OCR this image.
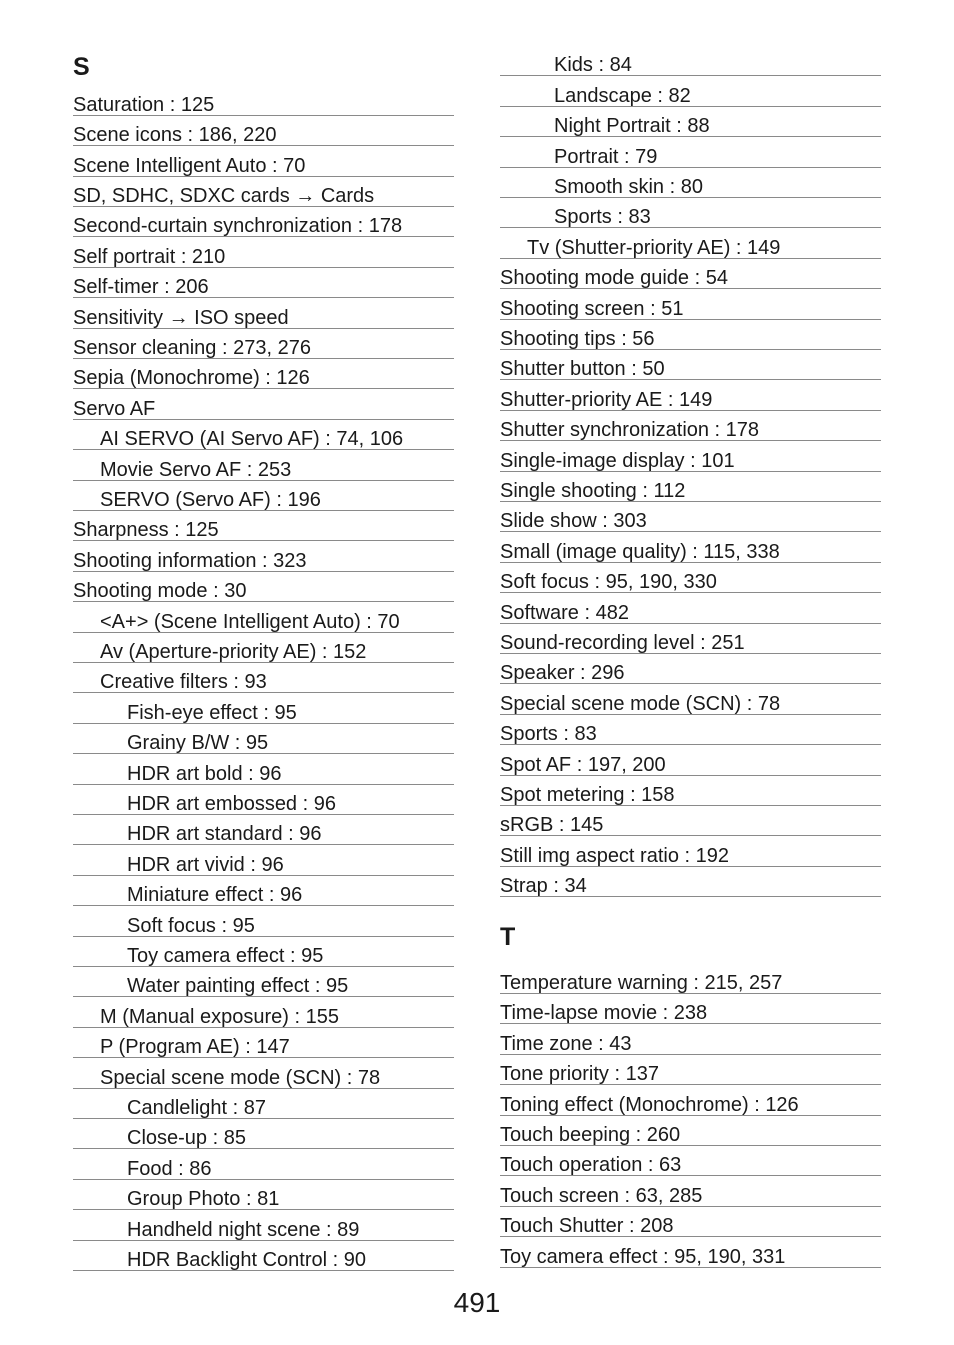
S
Saturation : 125
Scene icons : 186, 220
Scene Intelligent Auto : 70
SD, SDHC, SDXC cards → Cards
Second-curtain synchronization : 178
Self portrait : 210
Self-timer : 206
Sensitivity → ISO speed
Sensor cleaning : 273, 276
Sepia (Monochrome) : 126
Servo AF
AI SERVO (AI Servo AF) : 74, 106
Movie Servo AF : 253
SERVO (Servo AF) : 196
Sharpness : 125
Shooting information : 323
Shooting mode : 30
<A+> (Scene Intelligent Auto) : 70
Av (Aperture-priority AE) : 152
Creative filters : 93
Fish-eye effect : 95
Grainy B/W : 95
HDR art bold : 96
HDR art embossed : 96
HDR art standard : 96
HDR art vivid : 96
Miniature effect : 96
Soft focus : 95
Toy camera effect : 95
Water painting effect : 95
M (Manual exposure) : 155
P (Program AE) : 147
Special scene mode (SCN) : 78
Candlelight : 87
Close-up : 85
Food : 86
Group Photo : 81
Handheld night scene : 89
HDR Backlight Control : 90
Kids : 84
Landscape : 82
Night Portrait : 88
Portrait : 79
Smooth skin : 80
Sports : 83
Tv (Shutter-priority AE) : 149
Shooting mode guide : 54
Shooting screen : 51
Shooting tips : 56
Shutter button : 50
Shutter-priority AE : 149
Shutter synchronization : 178
Single-image display : 101
Single shooting : 112
Slide show : 303
Small (image quality) : 115, 338
Soft focus : 95, 190, 330
Software : 482
Sound-recording level : 251
Speaker : 296
Special scene mode (SCN) : 78
Sports : 83
Spot AF : 197, 200
Spot metering : 158
sRGB : 145
Still img aspect ratio : 192
Strap : 34
T
Temperature warning : 215, 257
Time-lapse movie : 238
Time zone : 43
Tone priority : 137
Toning effect (Monochrome) : 126
Touch beeping : 260
Touch operation : 63
Touch screen : 63, 285
Touch Shutter : 208
Toy camera effect : 95, 190, 331
491
